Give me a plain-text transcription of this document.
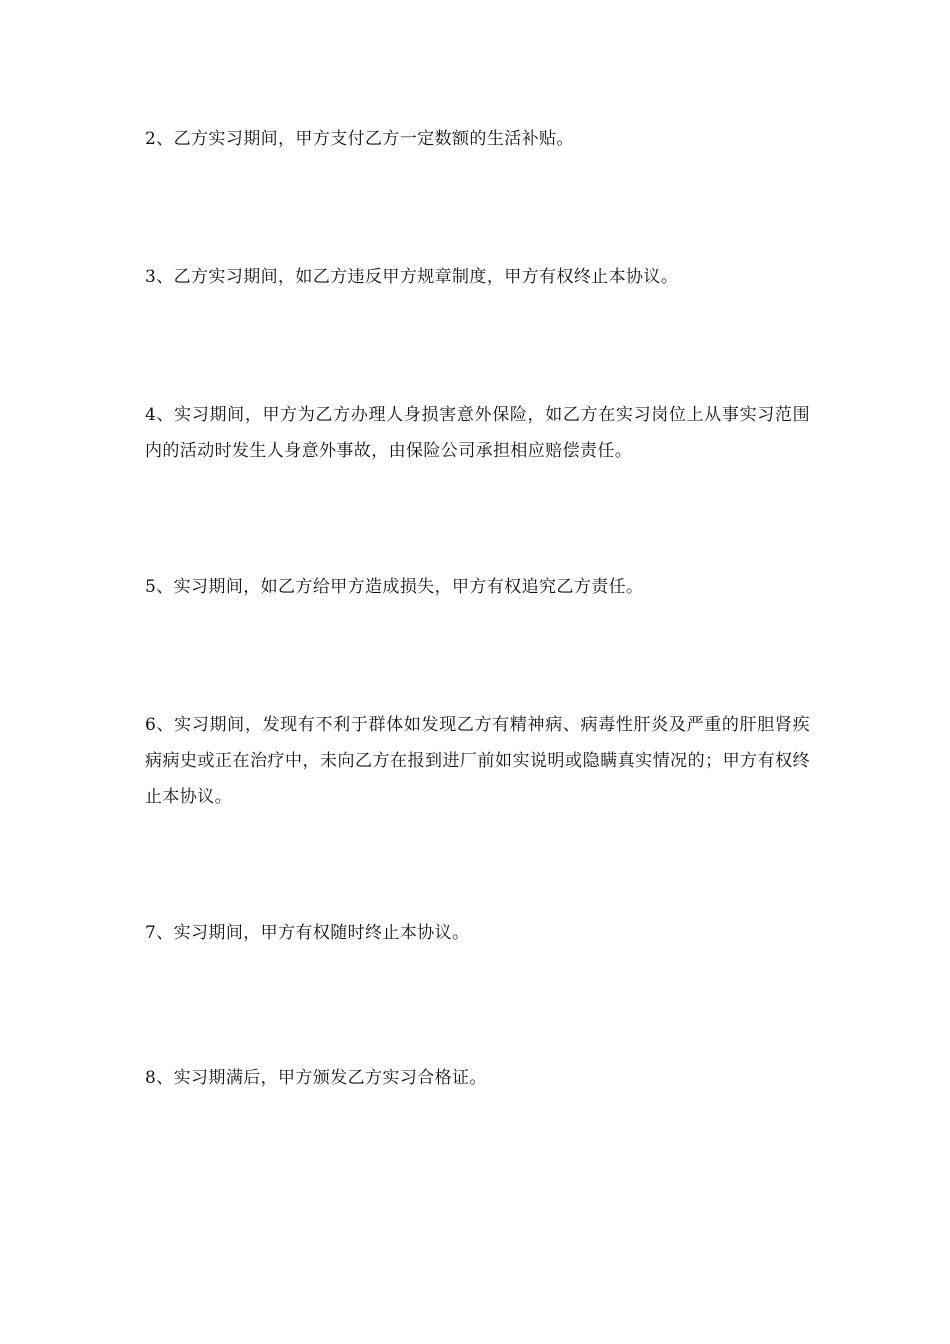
2、乙方实习期间，甲方支付乙方一定数额的生活补贴。

3、乙方实习期间，如乙方违反甲方规章制度，甲方有权终止本协议。

4、实习期间，甲方为乙方办理人身损害意外保险，如乙方在实习岗位上从事实习范围内的活动时发生人身意外事故，由保险公司承担相应赔偿责任。

5、实习期间，如乙方给甲方造成损失，甲方有权追究乙方责任。

6、实习期间，发现有不利于群体如发现乙方有精神病、病毒性肝炎及严重的肝胆肾疾病病史或正在治疗中，未向乙方在报到进厂前如实说明或隐瞒真实情况的；甲方有权终止本协议。

7、实习期间，甲方有权随时终止本协议。

8、实习期满后，甲方颁发乙方实习合格证。
